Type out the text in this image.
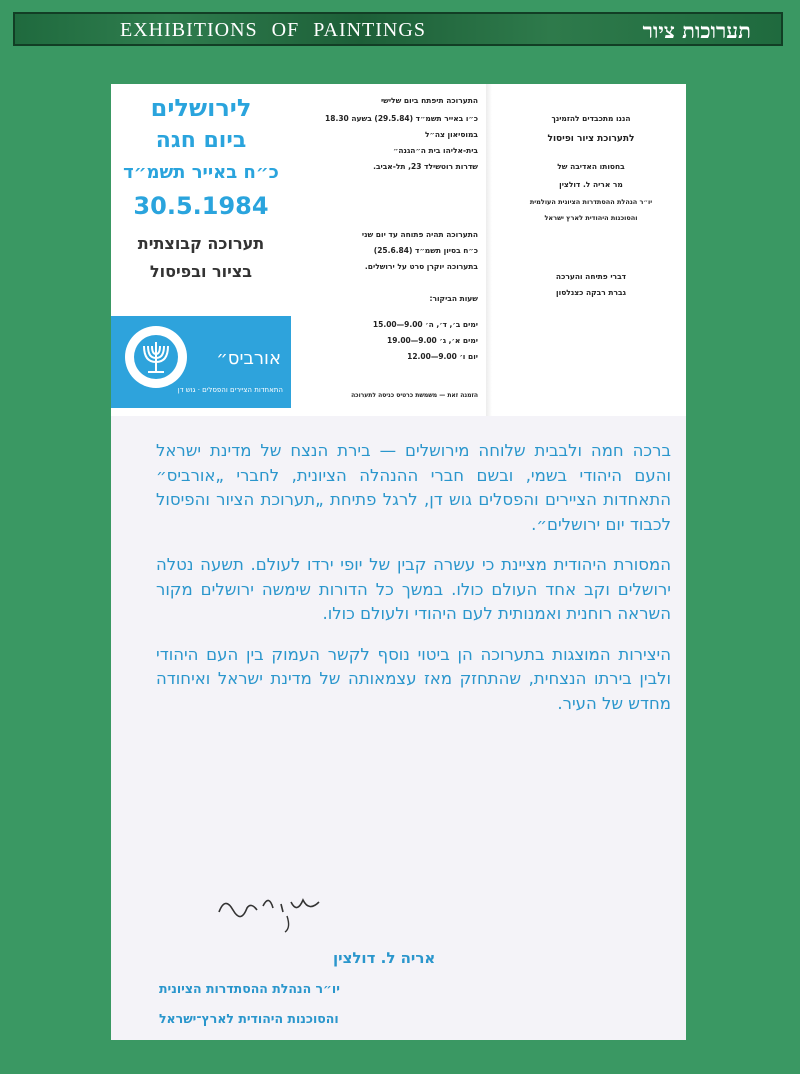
EXHIBITIONS OF PAINTINGS	תערוכות ציור
לירושלים
ביום חגה
כ״ח באייר תשמ״ד
30.5.1984
תערוכה קבוצתית
בציור ובפיסול
אורביס״
התאחדות הציירים והפסלים · גוש דן

התערוכה תיפתח ביום שלישי

כ״ו באייר תשמ״ד (29.5.84) בשעה 18.30

במוסיאון צה״ל

בית-אליהו בית ה״הגנה״

שדרות רוטשילד 23, תל-אביב.

התערוכה תהיה פתוחה עד יום שני

כ״ח בסיון תשמ״ד (25.6.84)

בתערוכה יוקרן סרט על ירושלים.

שעות הביקור:

ימים ב׳, ד׳, ה׳ 9.00—15.00

ימים א׳, ג׳ 9.00—19.00

יום ו׳ 9.00—12.00

הזמנה זאת — משמשת כרטיס כניסה לתערוכה

הננו מתכבדים להזמינך

לתערוכת ציור ופיסול

בחסותו האדיבה של

מר אריה ל. דולצין

יו״ר הנהלת ההסתדרות הציונית העולמית

והסוכנות היהודית לארץ ישראל

דברי פתיחה והערכה

גברת רבקה כצנלסון

ברכה חמה ולבבית שלוחה מירושלים — בירת הנצח של מדינת ישראל והעם היהודי בשמי, ובשם חברי ההנהלה הציונית, לחברי „אורביס״ התאחדות הציירים והפסלים גוש דן, לרגל פתיחת „תערוכת הציור והפיסול לכבוד יום ירושלים״.

המסורת היהודית מציינת כי עשרה קבין של יופי ירדו לעולם. תשעה נטלה ירושלים וקב אחד העולם כולו. במשך כל הדורות שימשה ירושלים מקור השראה רוחנית ואמנותית לעם היהודי ולעולם כולו.

היצירות המוצגות בתערוכה הן ביטוי נוסף לקשר העמוק בין העם היהודי ולבין בירתו הנצחית, שהתחזק מאז עצמאותה של מדינת ישראל ואיחודה מחדש של העיר.

אריה ל. דולצין
יו״ר הנהלת ההסתדרות הציונית
והסוכנות היהודית לארץ־ישראל
